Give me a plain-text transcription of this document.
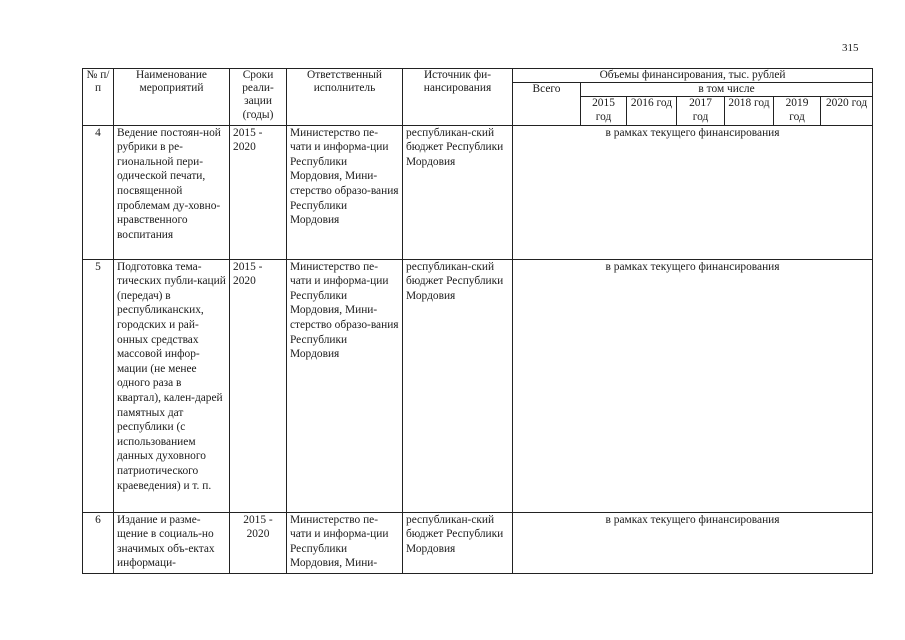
315
№ п/п	Наименование мероприятий	Сроки реали-зации (годы)	Ответственный исполнитель	Источник фи-нансирования	Объемы финансирования, тыс. рублей						
					Всего	в том числе					
						2015 год	2016 год	2017 год	2018 год	2019 год	2020 год
4	Ведение постоян-ной рубрики в ре-гиональной пери-одической печати, посвященной проблемам ду-ховно-нравственного воспитания	2015 - 2020	Министерство пе-чати и информа-ции Республики Мордовия, Мини-стерство образо-вания Республики Мордовия	республикан-ский бюджет Республики Мордовия	в рамках текущего финансирования						
5	Подготовка тема-тических публи-каций (передач) в республиканских, городских и рай-онных средствах массовой инфор-мации (не менее одного раза в квартал), кален-дарей памятных дат республики (с использованием данных духовного патриотического краеведения) и т. п.	2015 - 2020	Министерство пе-чати и информа-ции Республики Мордовия, Мини-стерство образо-вания Республики Мордовия	республикан-ский бюджет Республики Мордовия	в рамках текущего финансирования						
6	Издание и разме-щение в социаль-но значимых объ-ектах информаци-	2015 - 2020	Министерство пе-чати и информа-ции Республики Мордовия, Мини-	республикан-ский бюджет Республики Мордовия	в рамках текущего финансирования						
